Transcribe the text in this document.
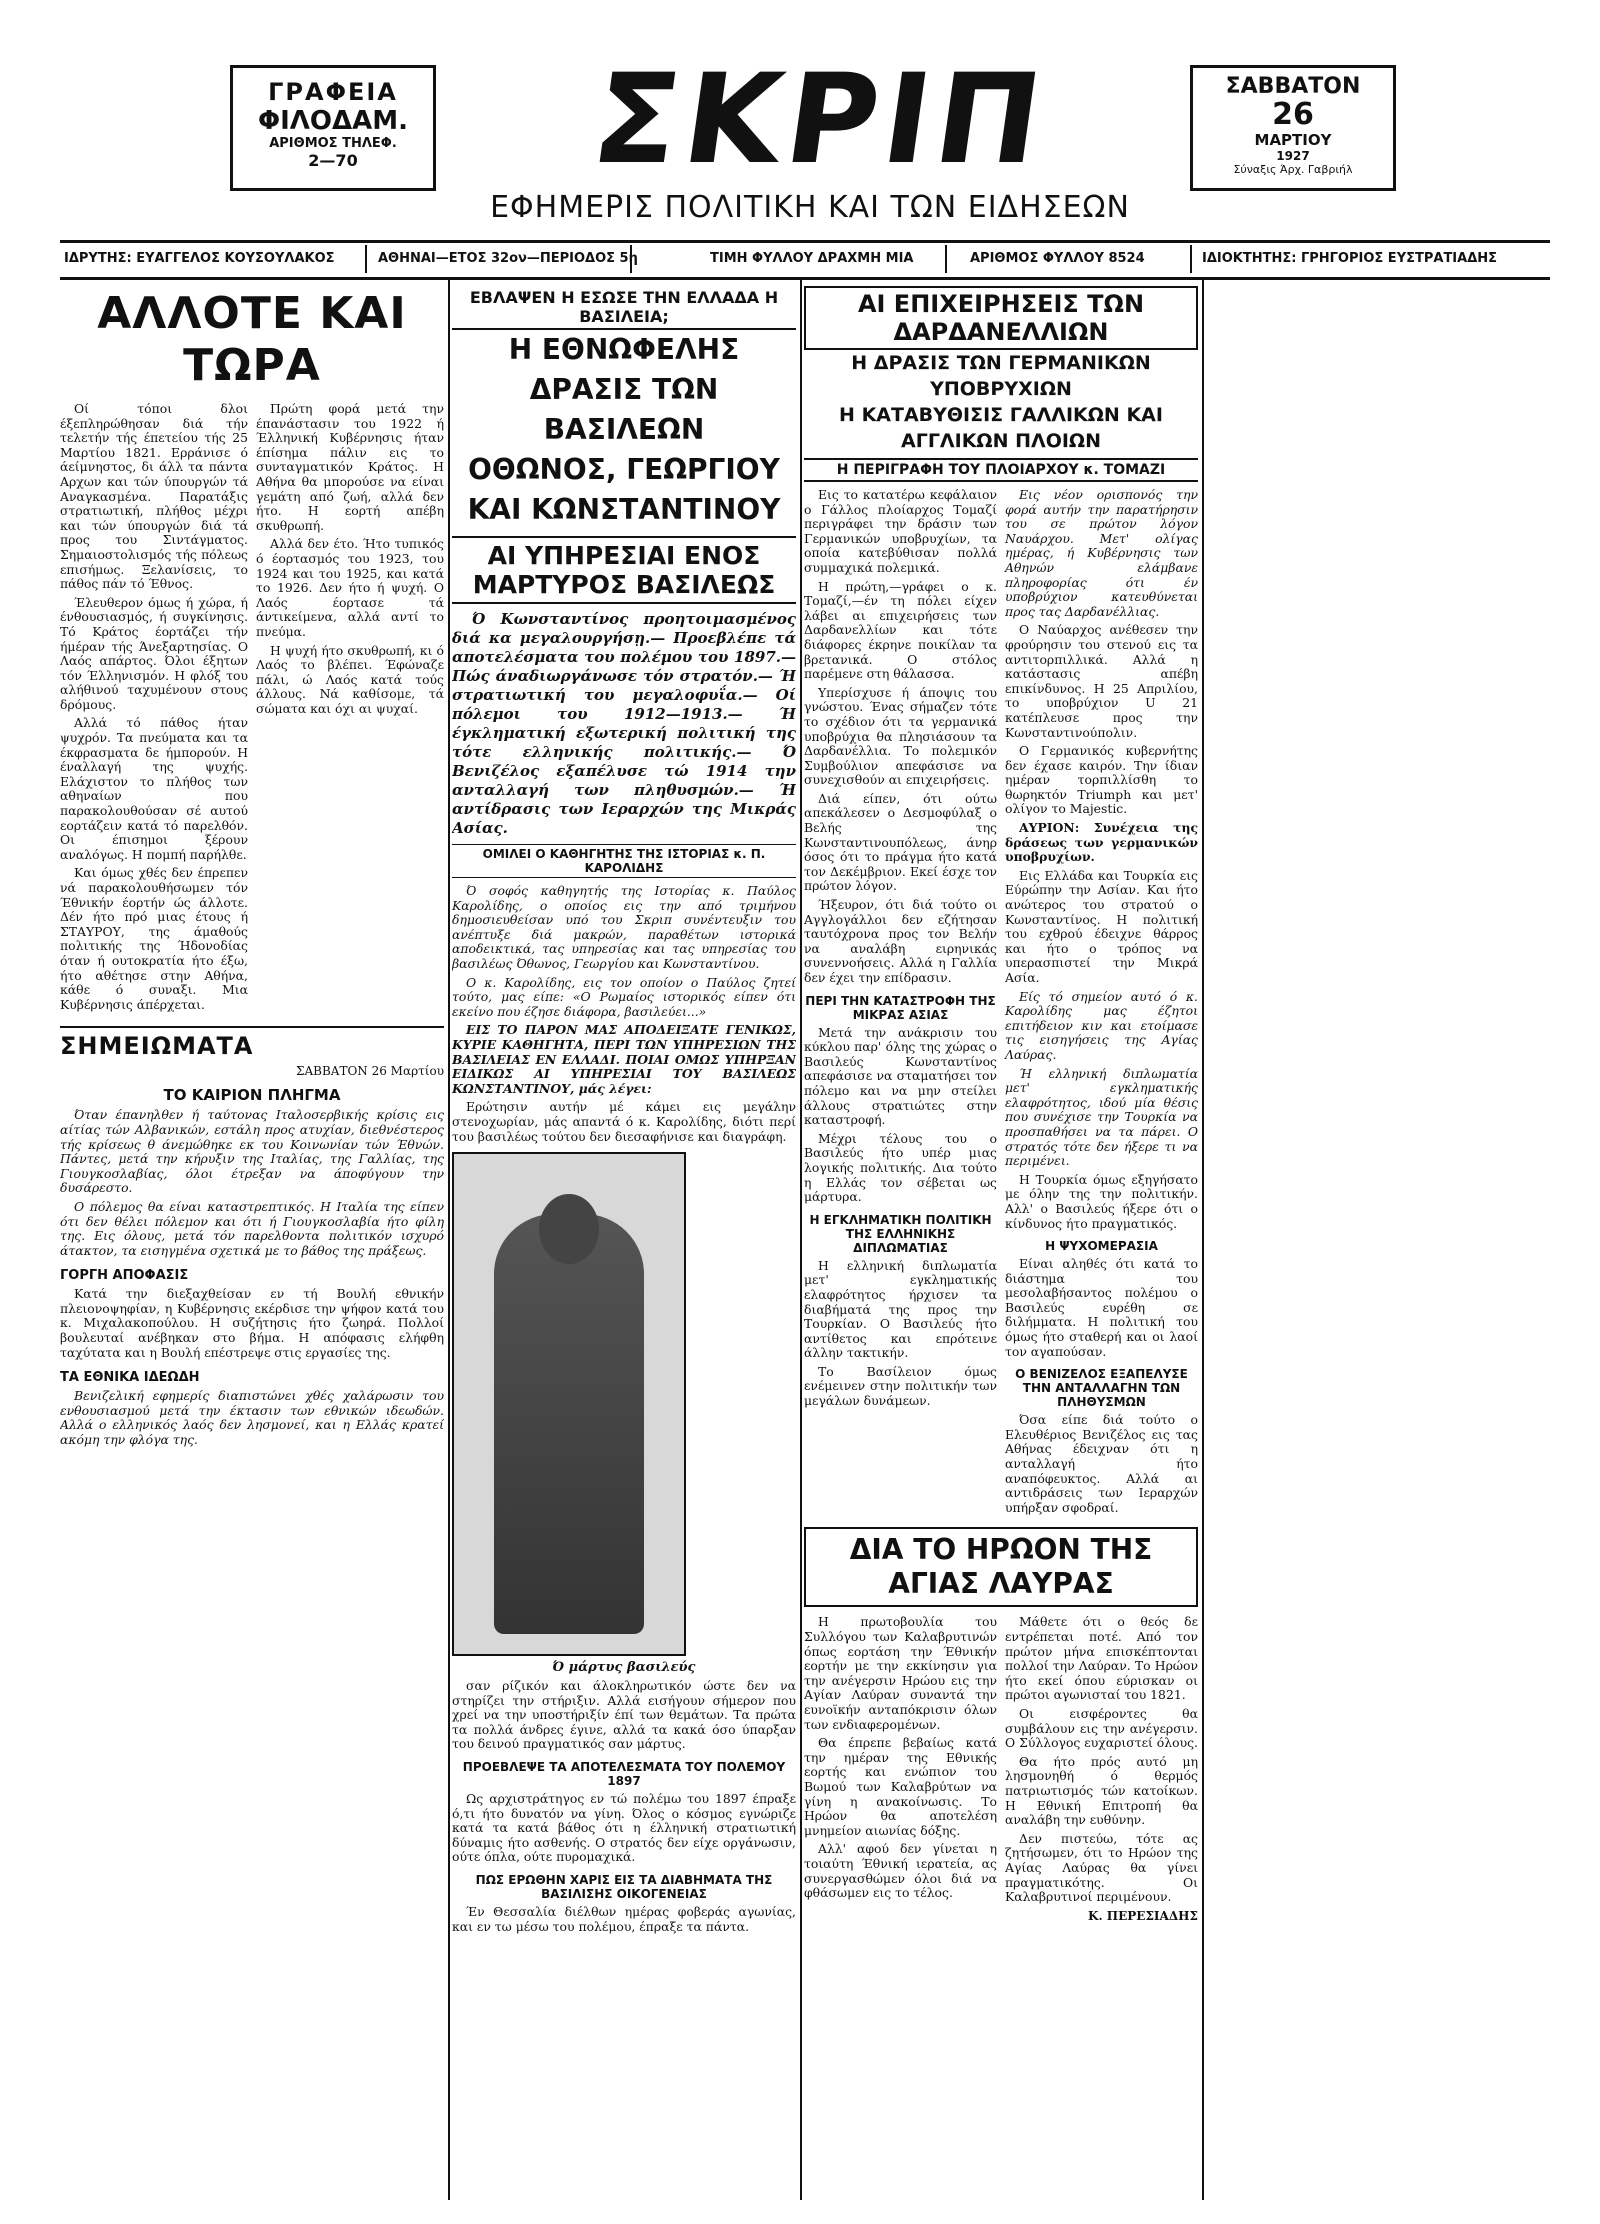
ΓΡΑΦΕΙΑ
ΦΙΛΟΔΑΜ.
ΑΡΙΘΜΟΣ ΤΗΛΕΦ.
2—70	ΣΚΡΙΠ	ΣΑΒΒΑΤΟΝ
26
ΜΑΡΤΙΟΥ
1927
Σύναξις Άρχ. Γαβριήλ
ΕΦΗΜΕΡΙΣ ΠΟΛΙΤΙΚΗ ΚΑΙ ΤΩΝ ΕΙΔΗΣΕΩΝ
ΙΔΡΥΤΗΣ: ΕΥΑΓΓΕΛΟΣ ΚΟΥΣΟΥΛΑΚΟΣ	ΑΘΗΝΑΙ—ΕΤΟΣ 32ον—ΠΕΡΙΟΔΟΣ 5η	ΤΙΜΗ ΦΥΛΛΟΥ ΔΡΑΧΜΗ ΜΙΑ	ΑΡΙΘΜΟΣ ΦΥΛΛΟΥ 8524	ΙΔΙΟΚΤΗΤΗΣ: ΓΡΗΓΟΡΙΟΣ ΕΥΣΤΡΑΤΙΑΔΗΣ
ΑΛΛΟΤΕ ΚΑΙ ΤΩΡΑ

Οί τόποι δλοι έξεπληρώθησαν διά τήν τελετήν τής έπετείου τής 25 Μαρτίου 1821. Ερράνισε ό άείμνηστος, δι άλλ τα πάντα Αρχων και τών ύπουργών τά Αναγκασμένα. Παρατάξις στρατιωτική, πλήθος μέχρι και τών ύπουργών διά τά προς του Σιντάγματος. Σημαιοστολισμός τής πόλεως επισήμως. Ξελανίσεις, το πάθος πάν τό Έθνος.

Έλευθερον όμως ή χώρα, ή ένθουσιασμός, ή συγκίνησις. Τό Κράτος έορτάζει τήν ήμέραν τής Άνεξαρτησίας. Ο Λαός απάρτος. Όλοι έξητων τόν Έλληνισμόν. Η φλόξ του αλήθινού ταχυμένουν στους δρόμους.

Αλλά τό πάθος ήταν ψυχρόν. Τα πνεύματα και τα έκφρασματα δε ήμπορούν. Η έναλλαγή της ψυχής. Ελάχιστον το πλήθος των αθηναίων που παρακολουθούσαν σέ αυτού εορτάζειν κατά τό παρελθόν. Οι έπισημοι ξέρουν αναλόγως. Η πομπή παρήλθε.

Και όμως χθές δεν έπρεπεν νά παρακολουθήσωμεν τόν Έθνικήν έορτήν ώς άλλοτε. Δέν ήτο πρό μιας έτους ή ΣΤΑΥΡΟΥ, της άμαθούς πολιτικής της Ήδονοδίας όταν ή ουτοκρατία ήτο έξω, ήτο αθέτησε στην Αθήνα, κάθε ό συναξι. Μια Κυβέρνησις άπέρχεται.

Πρώτη φορά μετά την έπανάστασιν του 1922 ή Έλληνική Κυβέρνησις ήταν έπίσημα πάλιν εις το συνταγματικόν Κράτος. Η Αθήνα θα μπορούσε να είναι γεμάτη από ζωή, αλλά δεν ήτο. Η εορτή απέβη σκυθρωπή.

Αλλά δεν έτο. Ήτο τυπικός ό έορτασμός του 1923, του 1924 και του 1925, και κατά το 1926. Δεν ήτο ή ψυχή. Ο Λαός έορτασε τά άντικείμενα, αλλά αντί το πνεύμα.

Η ψυχή ήτο σκυθρωπή, κι ό Λαός το βλέπει. Έφώναζε πάλι, ώ Λαός κατά τούς άλλους. Νά καθίσομε, τά σώματα και όχι αι ψυχαί.

ΣΗΜΕΙΩΜΑΤΑ
ΣΑΒΒΑΤΟΝ 26 Μαρτίου
ΤΟ ΚΑΙΡΙΟΝ ΠΛΗΓΜΑ

Όταν έπανηλθεν ή ταύτονας Ιταλοσερβικής κρίσις εις αίτίας τών Αλβανικών, εστάλη προς ατυχίαν, διεθνέστερος τής κρίσεως θ άνεμώθηκε εκ του Κοινωνίαν τών Έθνών. Πάντες, μετά την κήρυξιν της Ιταλίας, της Γαλλίας, της Γιουγκοσλαβίας, όλοι έτρεξαν να άποφύγουν την δυσάρεστο.

Ο πόλεμος θα είναι καταστρεπτικός. Η Ιταλία της είπεν ότι δεν θέλει πόλεμον και ότι ή Γιουγκοσλαβία ήτο φίλη της. Εις όλους, μετά τόν παρελθοντα πολιτικόν ισχυρό άτακτον, τα εισηγμένα σχετικά με το βάθος της πράξεως.

ΓΟΡΓΗ ΑΠΟΦΑΣΙΣ

Κατά την διεξαχθείσαν εν τή Βουλή εθνικήν πλειονοψηφίαν, η Κυβέρνησις εκέρδισε την ψήφον κατά του κ. Μιχαλακοπούλου. Η συζήτησις ήτο ζωηρά. Πολλοί βουλευταί ανέβηκαν στο βήμα. Η απόφασις ελήφθη ταχύτατα και η Βουλή επέστρεψε στις εργασίες της.

ΤΑ ΕΘΝΙΚΑ ΙΔΕΩΔΗ

Βενιζελική εφημερίς διαπιστώνει χθές χαλάρωσιν του ενθουσιασμού μετά την έκτασιν των εθνικών ιδεωδών. Αλλά ο ελληνικός λαός δεν λησμονεί, και η Ελλάς κρατεί ακόμη την φλόγα της.

ΕΒΛΑΨΕΝ Η ΕΣΩΣΕ ΤΗΝ ΕΛΛΑΔΑ Η ΒΑΣΙΛΕΙΑ;
Η ΕΘΝΩΦΕΛΗΣ ΔΡΑΣΙΣ ΤΩΝ ΒΑΣΙΛΕΩΝ
ΟΘΩΝΟΣ, ΓΕΩΡΓΙΟΥ ΚΑΙ ΚΩΝΣΤΑΝΤΙΝΟΥ
ΑΙ ΥΠΗΡΕΣΙΑΙ ΕΝΟΣ ΜΑΡΤΥΡΟΣ ΒΑΣΙΛΕΩΣ

Ό Κωνσταντίνος προητοιμασμένος διά κα μεγαλουργήσῃ.— Προεβλέπε τά αποτελέσματα του πολέμου του 1897.— Πώς άναδιωργάνωσε τόν στρατόν.— Ή στρατιωτική του μεγαλοφυΐα.— Οί πόλεμοι του 1912—1913.— Ή έγκληματική εξωτερική πολιτική της τότε ελληνικής πολιτικής.— Ό Βενιζέλος εξαπέλυσε τώ 1914 την ανταλλαγή των πληθυσμών.— Ή αντίδρασις των Ιεραρχών της Μικράς Ασίας.

ΟΜΙΛΕΙ Ο ΚΑΘΗΓΗΤΗΣ ΤΗΣ ΙΣΤΟΡΙΑΣ κ. Π. ΚΑΡΟΛΙΔΗΣ

Ό σοφός καθηγητής της Ιστορίας κ. Παύλος Καρολίδης, ο οποίος εις την από τριμήνου δημοσιευθείσαν υπό του Σκριπ συνέντευξιν του ανέπτυξε διά μακρών, παραθέτων ιστορικά αποδεικτικά, τας υπηρεσίας και τας υπηρεσίας του βασιλέως Όθωνος, Γεωργίου και Κωνσταντίνου.

Ο κ. Καρολίδης, εις τον οποίον ο Παύλος ζητεί τούτο, μας είπε: «Ο Ρωμαίος ιστορικός είπεν ότι εκείνο που έζησε διάφορα, βασιλεύει...»

ΕΙΣ ΤΟ ΠΑΡΟΝ ΜΑΣ ΑΠΟΔΕΙΞΑΤΕ ΓΕΝΙΚΩΣ, ΚΥΡΙΕ ΚΑΘΗΓΗΤΑ, ΠΕΡΙ ΤΩΝ ΥΠΗΡΕΣΙΩΝ ΤΗΣ ΒΑΣΙΛΕΙΑΣ ΕΝ ΕΛΛΑΔΙ. ΠΟΙΑΙ ΟΜΩΣ ΥΠΗΡΞΑΝ ΕΙΔΙΚΩΣ ΑΙ ΥΠΗΡΕΣΙΑΙ ΤΟΥ ΒΑΣΙΛΕΩΣ ΚΩΝΣΤΑΝΤΙΝΟΥ, μάς λέγει:

Ερώτησιν αυτήν μέ κάμει εις μεγάλην στενοχωρίαν, μάς απαντά ό κ. Καρολίδης, διότι περί του βασιλέως τούτου δεν διεσαφήνισε και διαγράφη.

Ό μάρτυς βασιλεύς

σαν ρίζικόν και άλοκληρωτικόν ώστε δεν να στηρίζει την στήριξιν. Αλλά εισήγουν σήμερον που χρεί να την υποστήριξίν έπί των θεμάτων. Τα πρώτα τα πολλά άνδρες έγινε, αλλά τα κακά όσο ύπαρξαν του δεινού πραγματικός σαν μάρτυς.

ΠΡΟΕΒΛΕΨΕ ΤΑ ΑΠΟΤΕΛΕΣΜΑΤΑ ΤΟΥ ΠΟΛΕΜΟΥ 1897

Ως αρχιστράτηγος εν τώ πολέμω του 1897 έπραξε ό,τι ήτο δυνατόν να γίνη. Όλος ο κόσμος εγνώριζε κατά τα κατά βάθος ότι η έλληνική στρατιωτική δύναμις ήτο ασθενής. Ο στρατός δεν είχε οργάνωσιν, ούτε όπλα, ούτε πυρομαχικά.

ΠΩΣ ΕΡΩΘΗΝ ΧΑΡΙΣ ΕΙΣ ΤΑ ΔΙΑΒΗΜΑΤΑ ΤΗΣ ΒΑΣΙΛΙΣΗΣ ΟΙΚΟΓΕΝΕΙΑΣ

Έν Θεσσαλία διέλθων ημέρας φοβεράς αγωνίας, και εν τω μέσω του πολέμου, έπραξε τα πάντα.

ΑΙ ΕΠΙΧΕΙΡΗΣΕΙΣ ΤΩΝ ΔΑΡΔΑΝΕΛΛΙΩΝ
Η ΔΡΑΣΙΣ ΤΩΝ ΓΕΡΜΑΝΙΚΩΝ ΥΠΟΒΡΥΧΙΩΝ
Η ΚΑΤΑΒΥΘΙΣΙΣ ΓΑΛΛΙΚΩΝ ΚΑΙ ΑΓΓΛΙΚΩΝ ΠΛΟΙΩΝ
Η ΠΕΡΙΓΡΑΦΗ ΤΟΥ ΠΛΟΙΑΡΧΟΥ κ. ΤΟΜΑΖΙ

Εις το κατατέρω κεφάλαιον ο Γάλλος πλοίαρχος Τομαζί περιγράφει την δράσιν των Γερμανικών υποβρυχίων, τα οποία κατεβύθισαν πολλά συμμαχικά πολεμικά.

Η πρώτη,—γράφει ο κ. Τομαζί,—έν τη πόλει είχεν λάβει αι επιχειρήσεις των Δαρδανελλίων και τότε διάφορες έκρηνε ποικίλαν τα βρετανικά. Ο στόλος παρέμενε στη θάλασσα.

Υπερίσχυσε ή άποψις του γνώστου. Ένας σήμαζεν τότε το σχέδιον ότι τα γερμανικά υποβρύχια θα πλησιάσουν τα Δαρδανέλλια. Το πολεμικόν Συμβούλιον απεφάσισε να συνεχισθούν αι επιχειρήσεις.

Διά είπεν, ότι ούτω απεκάλεσεν ο Δεσμοφύλαξ ο Βελής της Κωνσταντινουπόλεως, άνηρ όσος ότι το πράγμα ήτο κατά τον Δεκέμβριον. Εκεί έσχε τον πρώτον λόγον.

Ήξευρον, ότι διά τούτο οι Αγγλογάλλοι δεν εζήτησαν ταυτόχρονα προς τον Βελήν να αναλάβη ειρηνικάς συνεννοήσεις. Αλλά η Γαλλία δεν έχει την επίδρασιν.

ΠΕΡΙ ΤΗΝ ΚΑΤΑΣΤΡΟΦΗ ΤΗΣ ΜΙΚΡΑΣ ΑΣΙΑΣ

Μετά την ανάκρισιν του κύκλου παρ' όλης της χώρας ο Βασιλεύς Κωνσταντίνος απεφάσισε να σταματήσει τον πόλεμο και να μην στείλει άλλους στρατιώτες στην καταστροφή.

Μέχρι τέλους του ο Βασιλεύς ήτο υπέρ μιας λογικής πολιτικής. Δια τούτο η Ελλάς τον σέβεται ως μάρτυρα.

Η ΕΓΚΛΗΜΑΤΙΚΗ ΠΟΛΙΤΙΚΗ ΤΗΣ ΕΛΛΗΝΙΚΗΣ ΔΙΠΛΩΜΑΤΙΑΣ

Η ελληνική διπλωματία μετ' εγκληματικής ελαφρότητος ήρχισεν τα διαβήματά της προς την Τουρκίαν. Ο Βασιλεύς ήτο αντίθετος και επρότεινε άλλην τακτικήν.

Το Βασίλειον όμως ενέμεινεν στην πολιτικήν των μεγάλων δυνάμεων.

Εις νέον ορισπονός την φορά αυτήν την παρατήρησιν του σε πρώτον λόγον Ναυάρχου. Μετ' ολίγας ημέρας, ή Κυβέρνησις των Αθηνών ελάμβανε πληροφορίας ότι έν υποβρύχιον κατευθύνεται προς τας Δαρδανέλλιας.

Ο Ναύαρχος ανέθεσεν την φρούρησιν του στενού εις τα αντιτορπιλλικά. Αλλά η κατάστασις απέβη επικίνδυνος. Η 25 Απριλίου, το υποβρύχιον U 21 κατέπλευσε προς την Κωνσταντινούπολιν.

Ο Γερμανικός κυβερνήτης δεν έχασε καιρόν. Την ίδιαν ημέραν τορπιλλίσθη το θωρηκτόν Triumph και μετ' ολίγον το Majestic.

ΑΥΡΙΟΝ: Συνέχεια της δράσεως των γερμανικών υποβρυχίων.

Εις Ελλάδα και Τουρκία εις Εύρώπην την Ασίαν. Και ήτο ανώτερος του στρατού ο Κωνσταντίνος. Η πολιτική του εχθρού έδειχνε θάρρος και ήτο ο τρόπος να υπερασπιστεί την Μικρά Ασία.

Είς τό σημείον αυτό ό κ. Καρολίδης μας έζητοι επιτήδειον κιν και ετοίμασε τις εισηγήσεις της Αγίας Λαύρας.

Ή ελληνική διπλωματία μετ' εγκληματικής ελαφρότητος, ιδού μία θέσις που συνέχισε την Τουρκία να προσπαθήσει να τα πάρει. Ο στρατός τότε δεν ήξερε τι να περιμένει.

Η Τουρκία όμως εξηγήσατο με όλην της την πολιτικήν. Αλλ' ο Βασιλεύς ήξερε ότι ο κίνδυνος ήτο πραγματικός.

Η ΨΥΧΟΜΕΡΑΣΙΑ

Είναι αληθές ότι κατά το διάστημα του μεσολαβήσαντος πολέμου ο Βασιλεύς ευρέθη σε διλήμματα. Η πολιτική του όμως ήτο σταθερή και οι λαοί τον αγαπούσαν.

Ο ΒΕΝΙΖΕΛΟΣ ΕΞΑΠΕΛΥΣΕ ΤΗΝ ΑΝΤΑΛΛΑΓΗΝ ΤΩΝ ΠΛΗΘΥΣΜΩΝ

Όσα είπε διά τούτο ο Ελευθέριος Βενιζέλος εις τας Αθήνας έδειχναν ότι η ανταλλαγή ήτο αναπόφευκτος. Αλλά αι αντιδράσεις των Ιεραρχών υπήρξαν σφοδραί.

ΔΙΑ ΤΟ ΗΡΩΟΝ ΤΗΣ ΑΓΙΑΣ ΛΑΥΡΑΣ

Η πρωτοβουλία του Συλλόγου των Καλαβρυτινών όπως εορτάση την Έθνικήν εορτήν με την εκκίνησιν για την ανέγερσιν Ηρώου εις την Αγίαν Λαύραν συναντά την ευνοϊκήν ανταπόκρισιν όλων των ενδιαφερομένων.

Θα έπρεπε βεβαίως κατά την ημέραν της Εθνικής εορτής και ενώπιον του Βωμού των Καλαβρύτων να γίνη η ανακοίνωσις. Το Ηρώον θα αποτελέση μνημείον αιωνίας δόξης.

Αλλ' αφού δεν γίνεται η τοιαύτη Έθνική ιερατεία, ας συνεργασθώμεν όλοι διά να φθάσωμεν εις το τέλος.

Μάθετε ότι ο θεός δε εντρέπεται ποτέ. Από τον πρώτον μήνα επισκέπτονται πολλοί την Λαύραν. Το Ηρώον ήτο εκεί όπου εύρισκαν οι πρώτοι αγωνισταί του 1821.

Οι εισφέροντες θα συμβάλουν εις την ανέγερσιν. Ο Σύλλογος ευχαριστεί όλους.

Θα ήτο πρός αυτό μη λησμονηθή ό θερμός πατριωτισμός τών κατοίκων. Η Εθνική Επιτροπή θα αναλάβη την ευθύνην.

Δεν πιστεύω, τότε ας ζητήσωμεν, ότι το Ηρώον της Αγίας Λαύρας θα γίνει πραγματικότης. Οι Καλαβρυτινοί περιμένουν.

Κ. ΠΕΡΕΣΙΑΔΗΣ
